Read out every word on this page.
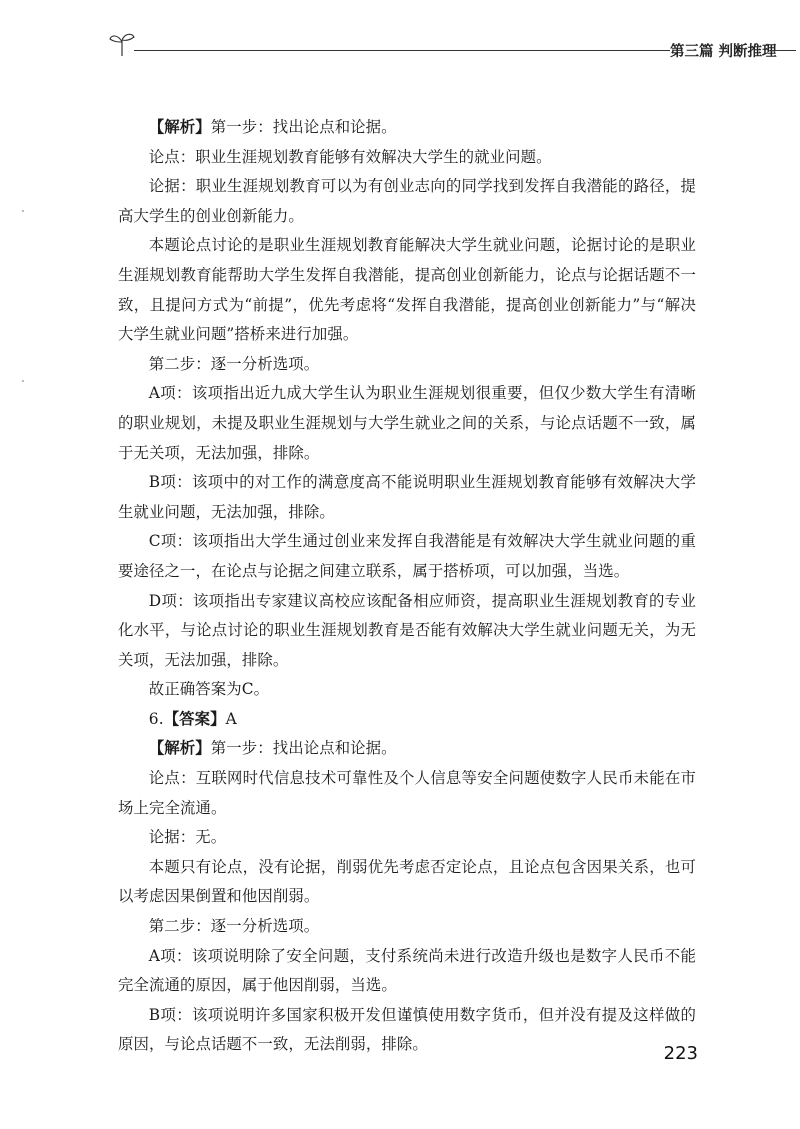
第三篇 判断推理

【解析】第一步：找出论点和论据。

论点：职业生涯规划教育能够有效解决大学生的就业问题。

论据：职业生涯规划教育可以为有创业志向的同学找到发挥自我潜能的路径，提高大学生的创业创新能力。

本题论点讨论的是职业生涯规划教育能解决大学生就业问题，论据讨论的是职业生涯规划教育能帮助大学生发挥自我潜能，提高创业创新能力，论点与论据话题不一致，且提问方式为“前提”，优先考虑将“发挥自我潜能，提高创业创新能力”与“解决大学生就业问题”搭桥来进行加强。

第二步：逐一分析选项。

A项：该项指出近九成大学生认为职业生涯规划很重要，但仅少数大学生有清晰的职业规划，未提及职业生涯规划与大学生就业之间的关系，与论点话题不一致，属于无关项，无法加强，排除。

B项：该项中的对工作的满意度高不能说明职业生涯规划教育能够有效解决大学生就业问题，无法加强，排除。

C项：该项指出大学生通过创业来发挥自我潜能是有效解决大学生就业问题的重要途径之一，在论点与论据之间建立联系，属于搭桥项，可以加强，当选。

D项：该项指出专家建议高校应该配备相应师资，提高职业生涯规划教育的专业化水平，与论点讨论的职业生涯规划教育是否能有效解决大学生就业问题无关，为无关项，无法加强，排除。

故正确答案为C。

6.【答案】A

【解析】第一步：找出论点和论据。

论点：互联网时代信息技术可靠性及个人信息等安全问题使数字人民币未能在市场上完全流通。

论据：无。

本题只有论点，没有论据，削弱优先考虑否定论点，且论点包含因果关系，也可以考虑因果倒置和他因削弱。

第二步：逐一分析选项。

A项：该项说明除了安全问题，支付系统尚未进行改造升级也是数字人民币不能完全流通的原因，属于他因削弱，当选。

B项：该项说明许多国家积极开发但谨慎使用数字货币，但并没有提及这样做的原因，与论点话题不一致，无法削弱，排除。	223
